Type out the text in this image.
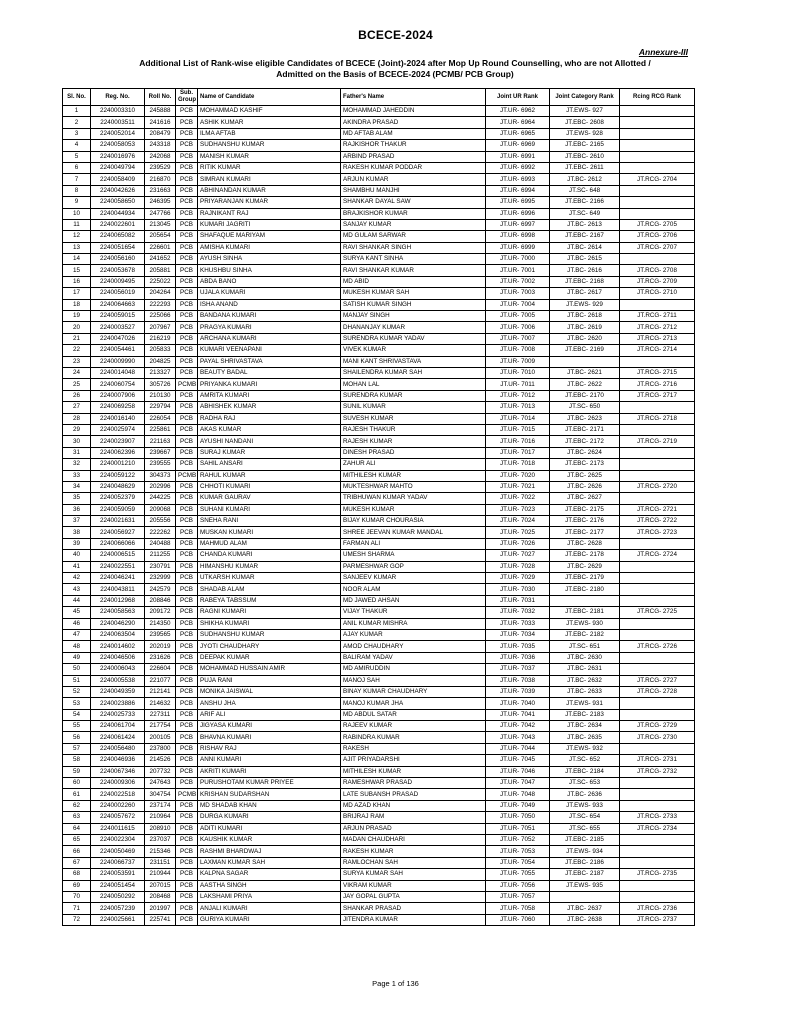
BCECE-2024
Annexure-III
Additional List of Rank-wise eligible Candidates of BCECE (Joint)-2024 after Mop Up Round Counselling, who are not Allotted /
Admitted on the Basis of BCECE-2024 (PCMB/ PCB Group)
Sl. No.	Reg. No.	Roll No.	Sub. Group	Name of Candidate	Father's Name	Joint UR Rank	Joint Category Rank	Rcing RCG Rank
1	2240003310	245888	PCB	MOHAMMAD KASHIF	MOHAMMAD JAHEDDIN	JT.UR- 6962	JT.EWS- 927	
2	2240003511	241616	PCB	ASHIK KUMAR	AKINDRA PRASAD	JT.UR- 6964	JT.EBC- 2608	
3	2240052014	208479	PCB	ILMA AFTAB	MD AFTAB ALAM	JT.UR- 6965	JT.EWS- 928	
4	2240058053	243318	PCB	SUDHANSHU KUMAR	RAJKISHOR THAKUR	JT.UR- 6969	JT.EBC- 2165	
5	2240016976	242068	PCB	MANISH KUMAR	ARBIND PRASAD	JT.UR- 6991	JT.EBC- 2610	
6	2240049794	239529	PCB	RITIK KUMAR	RAKESH KUMAR PODDAR	JT.UR- 6992	JT.EBC- 2611	
7	2240058409	216870	PCB	SIMRAN KUMARI	ARJUN KUMAR	JT.UR- 6993	JT.BC- 2612	JT.RCG- 2704
8	2240042626	231663	PCB	ABHINANDAN KUMAR	SHAMBHU MANJHI	JT.UR- 6994	JT.SC- 648	
9	2240058650	246395	PCB	PRIYARANJAN KUMAR	SHANKAR DAYAL SAW	JT.UR- 6995	JT.EBC- 2166	
10	2240044934	247766	PCB	RAJNIKANT RAJ	BRAJKISHOR KUMAR	JT.UR- 6996	JT.SC- 649	
11	2240022601	213045	PCB	KUMARI JAGRITI	SANJAY KUMAR	JT.UR- 6997	JT.BC- 2613	JT.RCG- 2705
12	2240065082	205654	PCB	SHAFAQUE MARIYAM	MD GULAM SARWAR	JT.UR- 6998	JT.EBC- 2167	JT.RCG- 2706
13	2240051654	226601	PCB	AMISHA KUMARI	RAVI SHANKAR SINGH	JT.UR- 6999	JT.BC- 2614	JT.RCG- 2707
14	2240056160	241652	PCB	AYUSH SINHA	SURYA KANT SINHA	JT.UR- 7000	JT.BC- 2615	
15	2240053678	205881	PCB	KHUSHBU SINHA	RAVI SHANKAR KUMAR	JT.UR- 7001	JT.BC- 2616	JT.RCG- 2708
16	2240009495	225022	PCB	ABDA BANO	MD ABID	JT.UR- 7002	JT.EBC- 2168	JT.RCG- 2709
17	2240056019	204264	PCB	UJALA KUMARI	MUKESH KUMAR SAH	JT.UR- 7003	JT.BC- 2617	JT.RCG- 2710
18	2240064663	222293	PCB	ISHA ANAND	SATISH KUMAR SINGH	JT.UR- 7004	JT.EWS- 929	
19	2240059015	225066	PCB	BANDANA KUMARI	MANJAY SINGH	JT.UR- 7005	JT.BC- 2618	JT.RCG- 2711
20	2240003527	207967	PCB	PRAGYA KUMARI	DHANANJAY KUMAR	JT.UR- 7006	JT.BC- 2619	JT.RCG- 2712
21	2240047026	216219	PCB	ARCHANA KUMARI	SURENDRA KUMAR YADAV	JT.UR- 7007	JT.BC- 2620	JT.RCG- 2713
22	2240054461	205833	PCB	KUMARI VEENAPANI	VIVEK KUMAR	JT.UR- 7008	JT.EBC- 2169	JT.RCG- 2714
23	2240009990	204825	PCB	PAYAL SHRIVASTAVA	MANI KANT SHRIVASTAVA	JT.UR- 7009		
24	2240014048	213327	PCB	BEAUTY BADAL	SHAILENDRA KUMAR SAH	JT.UR- 7010	JT.BC- 2621	JT.RCG- 2715
25	2240060754	305726	PCMB	PRIYANKA KUMARI	MOHAN LAL	JT.UR- 7011	JT.BC- 2622	JT.RCG- 2716
26	2240007906	210130	PCB	AMRITA KUMARI	SURENDRA KUMAR	JT.UR- 7012	JT.EBC- 2170	JT.RCG- 2717
27	2240069258	229794	PCB	ABHISHEK KUMAR	SUNIL KUMAR	JT.UR- 7013	JT.SC- 650	
28	2240016140	226054	PCB	RADHA RAJ	SUVESH KUMAR	JT.UR- 7014	JT.BC- 2623	JT.RCG- 2718
29	2240025974	225861	PCB	AKAS KUMAR	RAJESH THAKUR	JT.UR- 7015	JT.EBC- 2171	
30	2240023907	221163	PCB	AYUSHI NANDANI	RAJESH KUMAR	JT.UR- 7016	JT.EBC- 2172	JT.RCG- 2719
31	2240062396	239667	PCB	SURAJ KUMAR	DINESH PRASAD	JT.UR- 7017	JT.BC- 2624	
32	2240001210	239555	PCB	SAHIL ANSARI	ZAHUR ALI	JT.UR- 7018	JT.EBC- 2173	
33	2240059122	304373	PCMB	RAHUL KUMAR	MITHILESH KUMAR	JT.UR- 7020	JT.BC- 2625	
34	2240048629	202996	PCB	CHHOTI KUMARI	MUKTESHWAR MAHTO	JT.UR- 7021	JT.BC- 2626	JT.RCG- 2720
35	2240052379	244225	PCB	KUMAR GAURAV	TRIBHUWAN KUMAR YADAV	JT.UR- 7022	JT.BC- 2627	
36	2240059059	209068	PCB	SUHANI KUMARI	MUKESH KUMAR	JT.UR- 7023	JT.EBC- 2175	JT.RCG- 2721
37	2240021631	205556	PCB	SNEHA RANI	BIJAY KUMAR CHOURASIA	JT.UR- 7024	JT.EBC- 2176	JT.RCG- 2722
38	2240056927	222262	PCB	MUSKAN KUMARI	SHREE JEEVAN KUMAR MANDAL	JT.UR- 7025	JT.EBC- 2177	JT.RCG- 2723
39	2240066066	240488	PCB	MAHMUD ALAM	FARMAN ALI	JT.UR- 7026	JT.BC- 2628	
40	2240006515	211255	PCB	CHANDA KUMARI	UMESH SHARMA	JT.UR- 7027	JT.EBC- 2178	JT.RCG- 2724
41	2240022551	230791	PCB	HIMANSHU KUMAR	PARMESHWAR GOP	JT.UR- 7028	JT.BC- 2629	
42	2240046241	232999	PCB	UTKARSH KUMAR	SANJEEV KUMAR	JT.UR- 7029	JT.EBC- 2179	
43	2240043811	242579	PCB	SHADAB ALAM	NOOR ALAM	JT.UR- 7030	JT.EBC- 2180	
44	2240012968	208846	PCB	RABEYA TABSSUM	MD JAWED AHSAN	JT.UR- 7031		
45	2240058563	209172	PCB	RAGNI KUMARI	VIJAY THAKUR	JT.UR- 7032	JT.EBC- 2181	JT.RCG- 2725
46	2240046290	214350	PCB	SHIKHA KUMARI	ANIL KUMAR MISHRA	JT.UR- 7033	JT.EWS- 930	
47	2240063504	239565	PCB	SUDHANSHU KUMAR	AJAY KUMAR	JT.UR- 7034	JT.EBC- 2182	
48	2240014602	202019	PCB	JYOTI CHAUDHARY	AMOD CHAUDHARY	JT.UR- 7035	JT.SC- 651	JT.RCG- 2726
49	2240046506	231626	PCB	DEEPAK KUMAR	BALIRAM YADAV	JT.UR- 7036	JT.BC- 2630	
50	2240006043	226604	PCB	MOHAMMAD HUSSAIN AMIR	MD AMIRUDDIN	JT.UR- 7037	JT.BC- 2631	
51	2240005538	221077	PCB	PUJA RANI	MANOJ SAH	JT.UR- 7038	JT.BC- 2632	JT.RCG- 2727
52	2240049359	212141	PCB	MONIKA JAISWAL	BINAY KUMAR CHAUDHARY	JT.UR- 7039	JT.BC- 2633	JT.RCG- 2728
53	2240023886	214632	PCB	ANSHU JHA	MANOJ KUMAR JHA	JT.UR- 7040	JT.EWS- 931	
54	2240025733	227311	PCB	ARIF ALI	MD ABDUL SATAR	JT.UR- 7041	JT.EBC- 2183	
55	2240061704	217754	PCB	JIGYASA KUMARI	RAJEEV KUMAR	JT.UR- 7042	JT.BC- 2634	JT.RCG- 2729
56	2240061424	200105	PCB	BHAVNA KUMARI	RABINDRA KUMAR	JT.UR- 7043	JT.BC- 2635	JT.RCG- 2730
57	2240056480	237800	PCB	RISHAV RAJ	RAKESH	JT.UR- 7044	JT.EWS- 932	
58	2240046936	214526	PCB	ANNI KUMARI	AJIT PRIYADARSHI	JT.UR- 7045	JT.SC- 652	JT.RCG- 2731
59	2240067346	207732	PCB	AKRITI KUMARI	MITHILESH KUMAR	JT.UR- 7046	JT.EBC- 2184	JT.RCG- 2732
60	2240009306	247643	PCB	PURUSHOTAM KUMAR PRIYEE	RAMESHWAR PRASAD	JT.UR- 7047	JT.SC- 653	
61	2240022518	304754	PCMB	KRISHAN SUDARSHAN	LATE SUBANSH PRASAD	JT.UR- 7048	JT.BC- 2636	
62	2240002260	237174	PCB	MD SHADAB KHAN	MD AZAD KHAN	JT.UR- 7049	JT.EWS- 933	
63	2240057672	210964	PCB	DURGA KUMARI	BRIJRAJ RAM	JT.UR- 7050	JT.SC- 654	JT.RCG- 2733
64	2240011615	208910	PCB	ADITI KUMARI	ARJUN PRASAD	JT.UR- 7051	JT.SC- 655	JT.RCG- 2734
65	2240022304	237037	PCB	KAUSHIK KUMAR	MADAN CHAUDHARI	JT.UR- 7052	JT.EBC- 2185	
66	2240050469	215346	PCB	RASHMI BHARDWAJ	RAKESH KUMAR	JT.UR- 7053	JT.EWS- 934	
67	2240066737	231151	PCB	LAXMAN KUMAR SAH	RAMLOCHAN SAH	JT.UR- 7054	JT.EBC- 2186	
68	2240053591	210944	PCB	KALPNA SAGAR	SURYA KUMAR SAH	JT.UR- 7055	JT.EBC- 2187	JT.RCG- 2735
69	2240051454	207015	PCB	AASTHA SINGH	VIKRAM KUMAR	JT.UR- 7056	JT.EWS- 935	
70	2240050292	208468	PCB	LAKSHAMI PRIYA	JAY GOPAL GUPTA	JT.UR- 7057		
71	2240057239	201997	PCB	ANJALI KUMARI	SHANKAR PRASAD	JT.UR- 7058	JT.BC- 2637	JT.RCG- 2736
72	2240025661	225741	PCB	GURIYA KUMARI	JITENDRA KUMAR	JT.UR- 7060	JT.BC- 2638	JT.RCG- 2737
Page 1 of 136
